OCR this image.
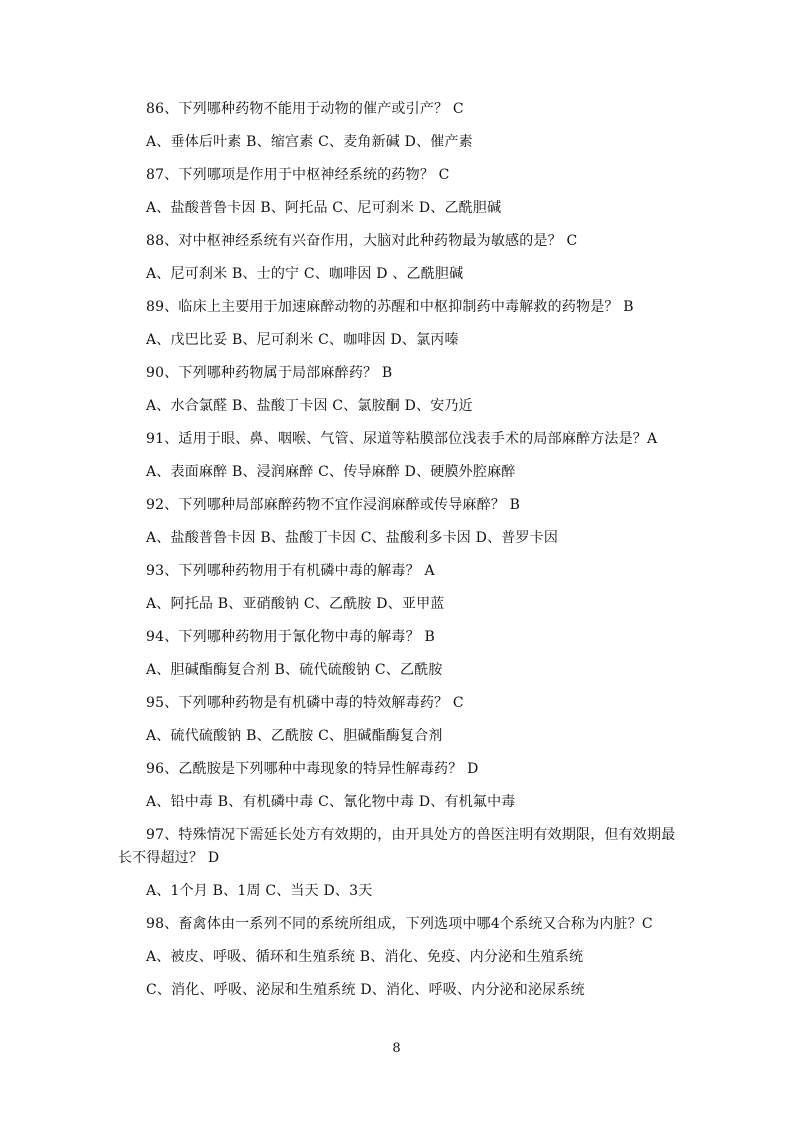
86、下列哪种药物不能用于动物的催产或引产？ C
A、垂体后叶素 B、缩宫素 C、麦角新碱 D、催产素
87、下列哪项是作用于中枢神经系统的药物？ C
A、盐酸普鲁卡因 B、阿托品 C、尼可刹米 D、乙酰胆碱
88、对中枢神经系统有兴奋作用，大脑对此种药物最为敏感的是？ C
A、尼可刹米 B、士的宁 C、咖啡因 D 、乙酰胆碱
89、临床上主要用于加速麻醉动物的苏醒和中枢抑制药中毒解救的药物是？ B
A、戊巴比妥 B、尼可刹米 C、咖啡因 D、氯丙嗪
90、下列哪种药物属于局部麻醉药？ B
A、水合氯醛 B、盐酸丁卡因 C、氯胺酮 D、安乃近
91、适用于眼、鼻、咽喉、气管、尿道等粘膜部位浅表手术的局部麻醉方法是？A
A、表面麻醉 B、浸润麻醉 C、传导麻醉 D、硬膜外腔麻醉
92、下列哪种局部麻醉药物不宜作浸润麻醉或传导麻醉？ B
A、盐酸普鲁卡因 B、盐酸丁卡因 C、盐酸利多卡因 D、普罗卡因
93、下列哪种药物用于有机磷中毒的解毒？ A
A、阿托品 B、亚硝酸钠 C、乙酰胺 D、亚甲蓝
94、下列哪种药物用于氰化物中毒的解毒？ B
A、胆碱酯酶复合剂 B、硫代硫酸钠 C、乙酰胺
95、下列哪种药物是有机磷中毒的特效解毒药？ C
A、硫代硫酸钠 B、乙酰胺 C、胆碱酯酶复合剂
96、乙酰胺是下列哪种中毒现象的特异性解毒药？ D
A、铅中毒 B、有机磷中毒 C、氰化物中毒 D、有机氟中毒
97、特殊情况下需延长处方有效期的，由开具处方的兽医注明有效期限，但有效期最长不得超过？ D
A、1个月 B、1周 C、当天 D、3天
98、畜禽体由一系列不同的系统所组成，下列选项中哪4个系统又合称为内脏？C
A、被皮、呼吸、循环和生殖系统 B、消化、免疫、内分泌和生殖系统
C、消化、呼吸、泌尿和生殖系统 D、消化、呼吸、内分泌和泌尿系统
8
